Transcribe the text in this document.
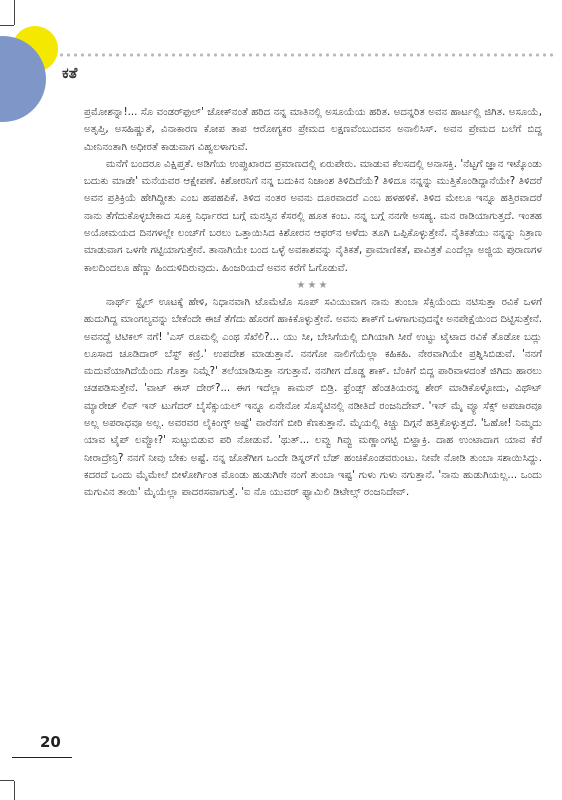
ಕತೆ

ಪ್ರಮೋಶನ್ನಾ!... ಸೊ ವಂಡರ್‌ಫುಲ್' ಜೋಕ್‌ನಂತೆ ಹರಿದ ನನ್ನ ಮಾತಿನಲ್ಲಿ ಅಸೂಯೆಯ ಹರಿತ. ಅದನ್ನರಿತ ಅವನ ಹಾರ್ಟಲ್ಲಿ ಜಿಗಿತ. ಅಸೂಯೆ, ಅತೃಪ್ತಿ, ಅಸಹಿಷ್ಣುತೆ, ವಿನಾಕಾರಣ ಕೋಪ ತಾಪ ಆರೋಗ್ಯಕರ ಪ್ರೇಮದ ಲಕ್ಷಣವೆಂಬುದವನ ಅನಾಲಿಸಿಸ್. ಅವನ ಪ್ರೇಮದ ಬಲೆಗೆ ಬಿದ್ದ ಮೀನಿನಂತಾಗಿ ಅಧೀರತೆ ಕಾಡುವಾಗ ವಿಹ್ವಲಳಾಗುವೆ.

ಮನೆಗೆ ಬಂದರೂ ವಿಕ್ಷಿಪ್ತತೆ. ಅಡಿಗೆಯ ಉಪ್ಪುಖಾರದ ಪ್ರಮಾಣದಲ್ಲಿ ಏರುಪೇರು. ಮಾಡುವ ಕೆಲಸದಲ್ಲಿ ಅನಾಸಕ್ತಿ. 'ನೆಟ್ಟಗೆ ಜ್ಞಾನ ಇಟ್ಕೊಂಡು ಬದುಕು ಮಾಡೇ' ಮನೆಯವರ ಆಕ್ಷೇಪಣೆ. ಕಿಶೋರನಿಗೆ ನನ್ನ ಬದುಕಿನ ನಿಜಾಂಶ ತಿಳಿದಿದೆಯೆ? ತಿಳಿದೂ ನನ್ನನ್ನು ಮುತ್ತಿಕೊಂಡಿದ್ದಾನೆಯೇ? ತಿಳಿದರೆ ಅವನ ಪ್ರತಿಕ್ರಿಯೆ ಹೇಗಿದ್ದೀತು ಎಂಬ ಹಪಹಪಿಕೆ. ತಿಳಿದ ನಂತರ ಅವನು ದೂರವಾದರೆ ಎಂಬ ಹಳಹಳಿಕೆ. ತಿಳಿದ ಮೇಲೂ ಇನ್ನೂ ಹತ್ತಿರವಾದರೆ ನಾನು ತೆಗೆದುಕೊಳ್ಳಬೇಕಾದ ಸೂಕ್ತ ನಿರ್ಧಾರದ ಬಗ್ಗೆ ಮನಸ್ಸಿನ ಕೆಸರಲ್ಲಿ ಹೂತ ಕಂಬ. ನನ್ನ ಬಗ್ಗೆ ನನಗೇ ಅಸಹ್ಯ. ಮನ ರಾಡಿಯಾಗುತ್ತದೆ. ಇಂತಹ ಅಯೋಮಯದ ದಿನಗಳಲ್ಲೇ ಲಂಚ್‌ಗೆ ಬರಲು ಒತ್ತಾಯಿಸಿದ ಕಿಶೋರನ ಆಫರ್‌ನ ಅಳೆದು ತೂಗಿ ಒಪ್ಪಿಕೊಳ್ಳುತ್ತೇನೆ. ನೈತಿಕತೆಯು ನನ್ನನ್ನು ನಿತ್ರಾಣ ಮಾಡುವಾಗ ಒಳಗೇ ಗಟ್ಟಿಯಾಗುತ್ತೇನೆ. ತಾನಾಗಿಯೇ ಬಂದ ಒಳ್ಳೆ ಅವಕಾಶವನ್ನು ನೈತಿಕತೆ, ಪ್ರಾಮಾಣಿಕತೆ, ಪಾವಿತ್ರತೆ ಎಂದೆಲ್ಲಾ ಅಜ್ಜಿಯ ಪುರಾಣಗಳ ಕಾಲದಿಂದಲೂ ಹೆಣ್ಣು ಹಿಂದುಳಿದಿರುವುದು. ಹಿಂಜರಿಯದೆ ಅವನ ಕರೆಗೆ ಓಗೊಡುವೆ.

★★★

ನಾರ್ಥ್ ಸ್ಟೈಲ್ ಊಟಕ್ಕೆ ಹೇಳಿ, ನಿಧಾನವಾಗಿ ಟೊಮೆಟೊ ಸೂಪ್ ಸವಿಯುವಾಗ ನಾನು ತುಂಬಾ ಸೆಕ್ಸಿಯೆಂದು ನಟಿಸುತ್ತಾ ರವಿಕೆ ಒಳಗೆ ಹುದುಗಿದ್ದ ಮಾಂಗಲ್ಯವನ್ನು ಬೇಕೆಂದೇ ಈಚೆ ತೆಗೆದು ಹೊರಗೆ ಹಾಕಿಕೊಳ್ಳುತ್ತೇನೆ. ಅವನು ಶಾಕ್‌ಗೆ ಒಳಗಾಗುವುದನ್ನೇ ಅನಪೇಕ್ಷೆಯಿಂದ ದಿಟ್ಟಿಸುತ್ತೇನೆ. ಅವನದ್ದೆ ಟಿಟಿಕಲ್ ನಗೆ! 'ಎಸ್ ರೂಮಲ್ಲಿ ಎಂಥ ಸೆಖೆಲಿ?... ಯು ಸೀ, ಬೇಸಿಗೆಯಲ್ಲಿ ಬಿಗಿಯಾಗಿ ಸೀರೆ ಉಟ್ಟು ಟೈಟಾದ ರವಿಕೆ ತೊಡೋ ಬದ್ಲು ಲೂಸಾದ ಚೂಡಿದಾರ್ ಬೆಸ್ಟ್ ಕಣ್ರಿ.' ಉಪದೇಶ ಮಾಡುತ್ತಾನೆ. ನನಗೋ ನಾಲಿಗೆಯೆಲ್ಲಾ ಕಹಿಕಹಿ. ನೇರವಾಗಿಯೇ ಪ್ರಶ್ನಿಸಿಬಿಡುವೆ. 'ನನಗೆ ಮದುವೆಯಾಗಿದೆಯೆಂದು ಗೊತ್ತಾ ನಿಮ್ಗೆ?' ತಲೆಯಾಡಿಸುತ್ತಾ ನಗುತ್ತಾನೆ. ನನಗೀಗ ದೊಡ್ಡ ಶಾಕ್. ಬೆಂಕಿಗೆ ಬಿದ್ದ ಪಾರಿವಾಳದಂತೆ ಜಿಗಿದು ಹಾರಲು ಚಡಪಡಿಸುತ್ತೇನೆ. 'ವಾಟ್ ಈಸ್ ದೇರ್?... ಈಗ ಇದೆಲ್ಲಾ ಕಾಮನ್ ಬಿಡ್ರಿ. ಫ್ರೆಂಡ್ಸ್ ಹೆಂಡತಿಯರನ್ನ ಶೇರ್ ಮಾಡಿಕೊಳ್ಳೋದು, ವಿಥೌಟ್ ಮ್ಯಾರೇಜ್ ಲಿವ್ ಇನ್ ಟುಗೆದರ್ ಬೈಸೆಕ್ಸುಯಲ್ ಇನ್ನೂ ಏನೇನೋ ಸೊಸೈಟಿನಲ್ಲಿ ನಡೀತಿದೆ ರಂಜನಿದೇವ್. 'ಇನ್ ಮೈ ವ್ಯೂ ಸೆಕ್ಸ್ ಅಪಚಾರವೂ ಅಲ್ಲ ಅಪರಾಧವೂ ಅಲ್ಲ. ಅವರವರ ಲೈಕಿಂಗ್ಸ್ ಅಷ್ಟೆ' ವಾರೆನಗೆ ಬೀರಿ ಕೆಣಕುತ್ತಾನೆ. ಮೈಯಲ್ಲಿ ಕಿಚ್ಚು ದಿಗ್ಗನೆ ಹತ್ತಿಕೊಳ್ಳುತ್ತದೆ. 'ಓಹೋ! ನಿಮ್ಮದು ಯಾವ ಟೈಪ್ ಲವ್ವೋ?' ಸುಟ್ಟುಬಿಡುವ ಪರಿ ನೋಡುವೆ. 'ಥುತ್... ಲವ್ವು ಗಿವ್ವು ಮಣ್ಣಾಂಗಟ್ಟಿ ಬಿಟ್ಹಾಕ್ರಿ. ದಾಹ ಉಂಟಾದಾಗ ಯಾವ ಕೆರೆ ನೀರಾದ್ರೇನ್ರಿ? ನನಗೆ ನೀವು ಬೇಕು ಅಷ್ಟೆ. ನನ್ನ ಜೊತೆಗೀಗ ಒಂದೇ ಡಿಸ್ನರ್‌ಗೆ ಬೆಡ್ ಹಂಚಿಕೊಂಡವರುಂಟು. ನೀವೇ ನೋಡಿ ತುಂಬಾ ಸಶಾಯಿಸಿದ್ದು. ಕದರದೆ ಒಂದು ಮೈಮೇಲೆ ಬೀಳೋರ್ಗಿಂತ ಮೊಂಡು ಹುಡುಗಿರೇ ನಂಗೆ ತುಂಬಾ ಇಷ್ಟ' ಗುಳು ಗುಳು ನಗುತ್ತಾನೆ. 'ನಾನು ಹುಡುಗಿಯಲ್ಲ... ಒಂದು ಮಗುವಿನ ತಾಯಿ' ಮೈಯೆಲ್ಲಾ ಪಾದರಸವಾಗುತ್ತೆ. 'ಐ ನೊ ಯುವರ್ ಫ್ಯಾಮಿಲಿ ಡಿಟೇಲ್ಸ್ ರಂಜನಿದೇವ್.

20
